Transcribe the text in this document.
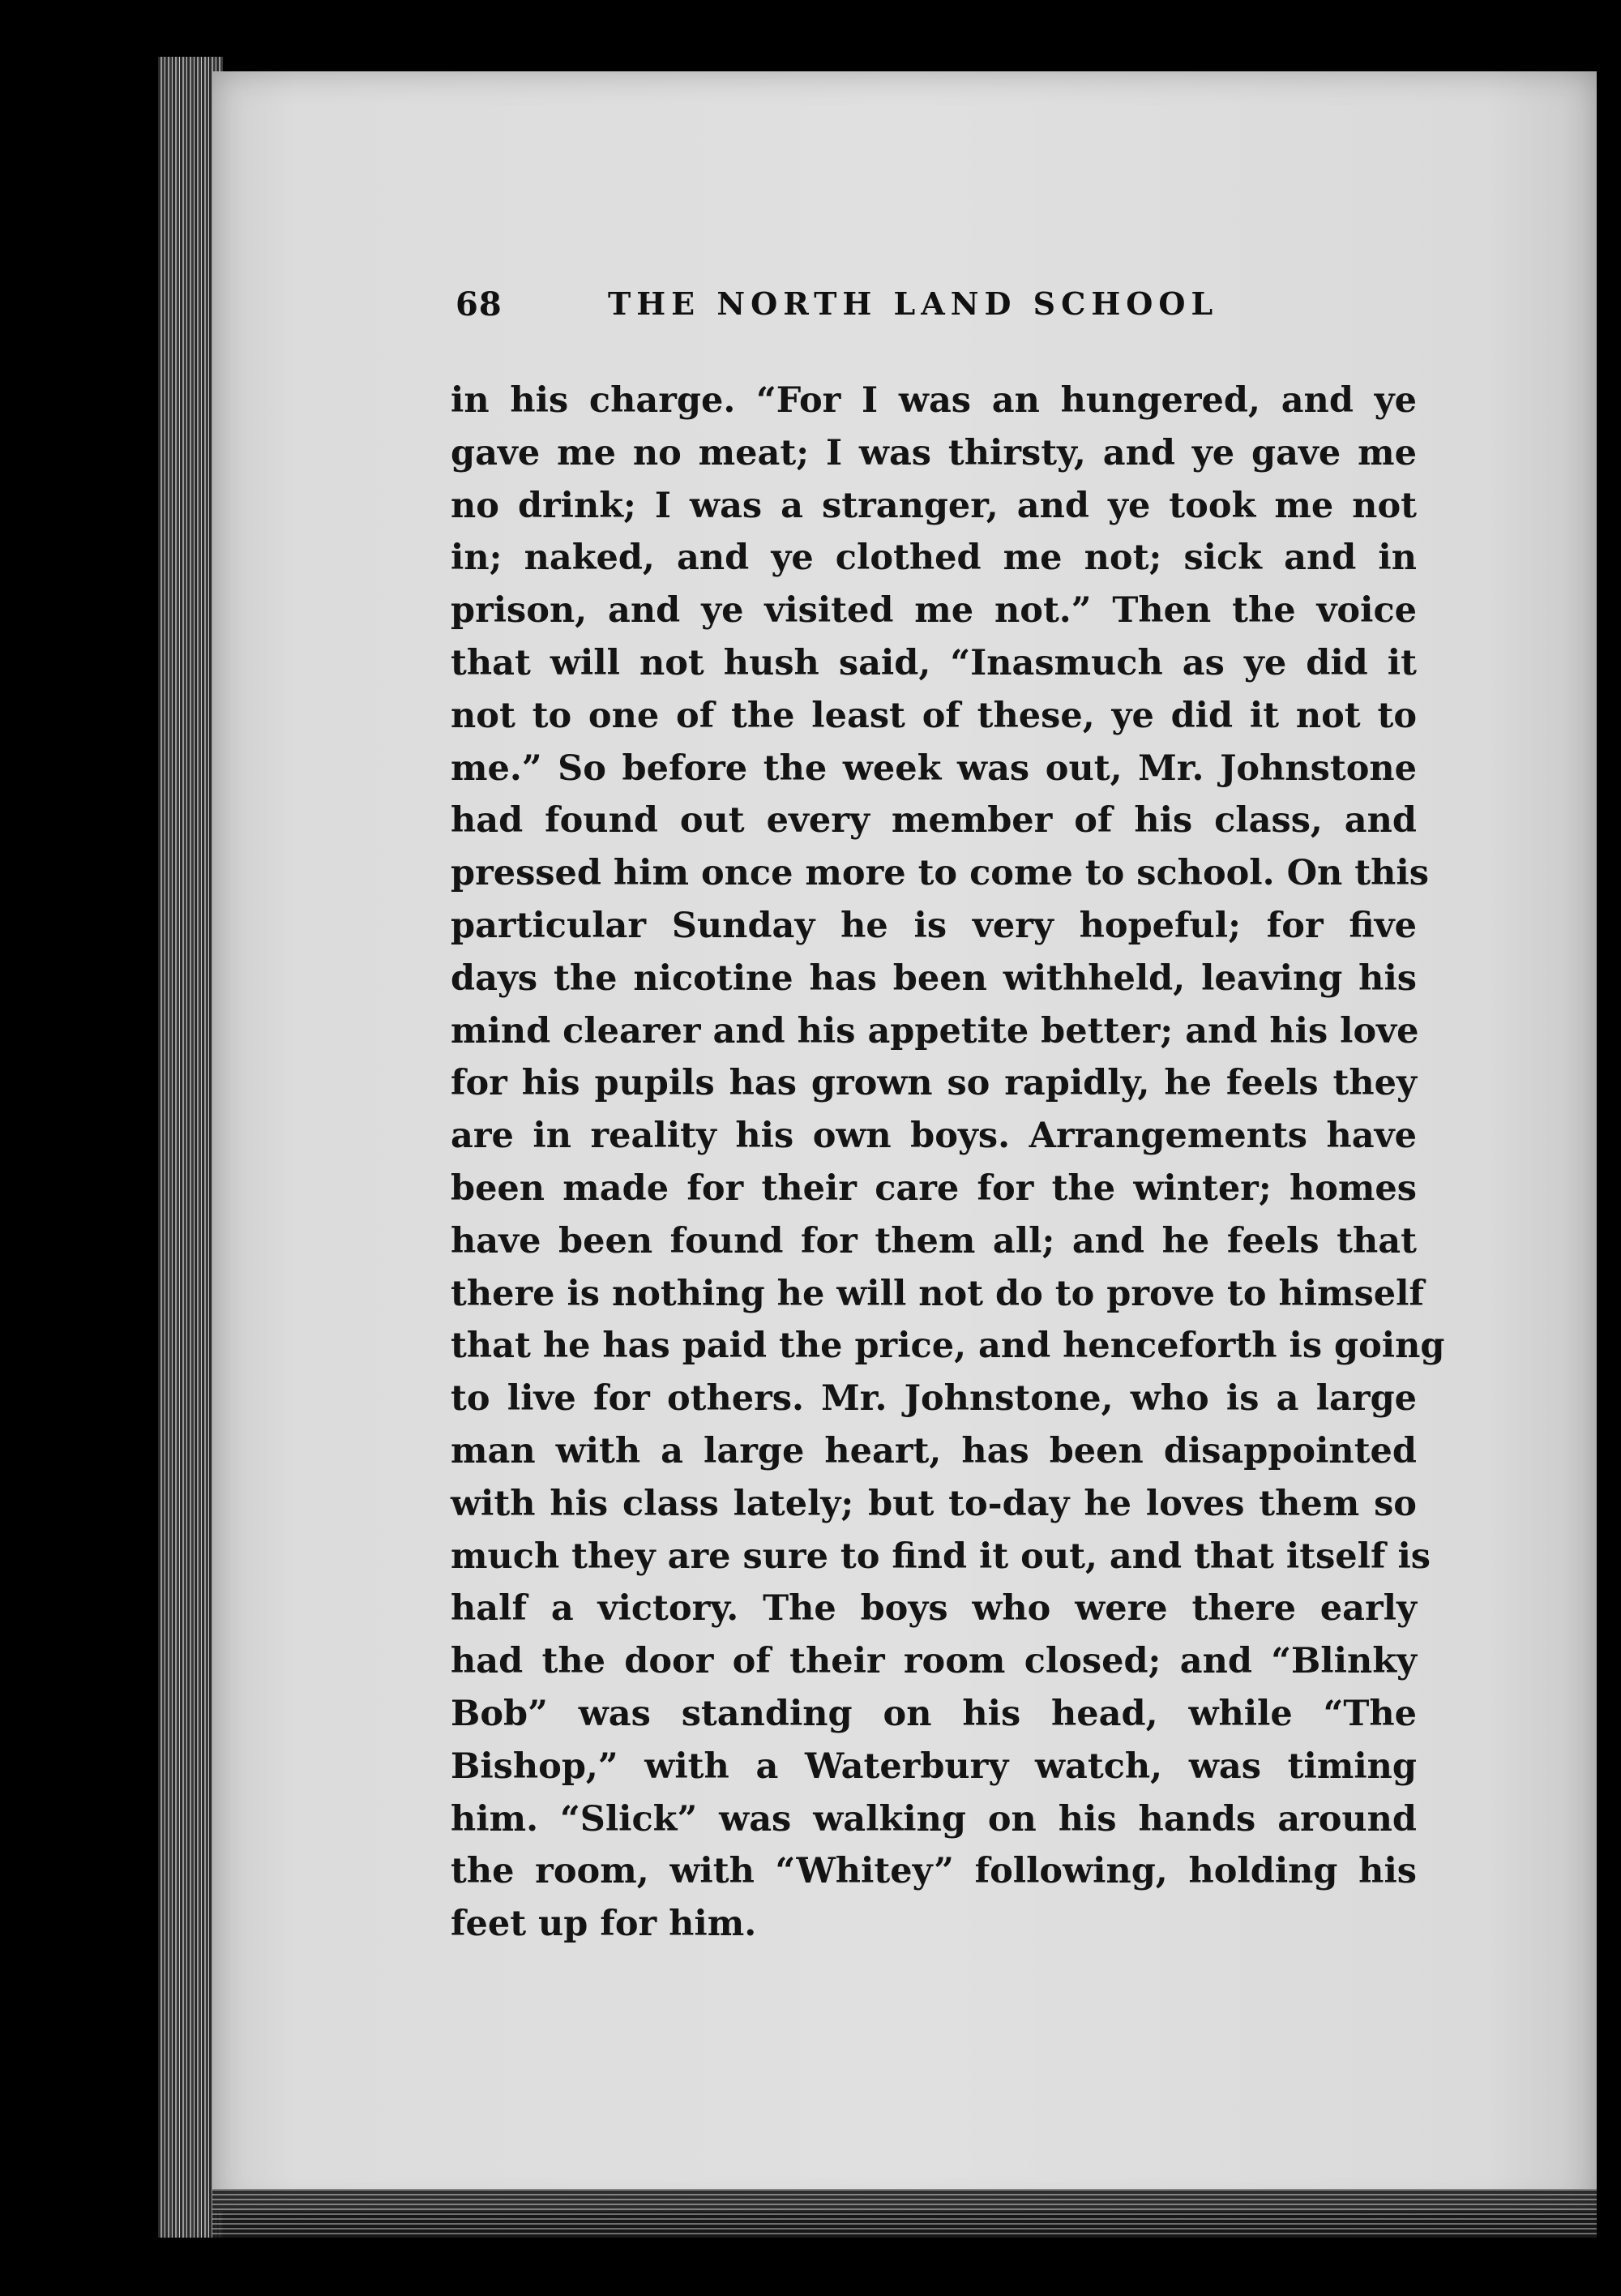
68	THE NORTH LAND SCHOOL
in his charge. “For I was an hungered, and ye
gave me no meat; I was thirsty, and ye gave me
no drink; I was a stranger, and ye took me not
in; naked, and ye clothed me not; sick and in
prison, and ye visited me not.” Then the voice
that will not hush said, “Inasmuch as ye did it
not to one of the least of these, ye did it not to
me.” So before the week was out, Mr. Johnstone
had found out every member of his class, and
pressed him once more to come to school. On this
particular Sunday he is very hopeful; for five
days the nicotine has been withheld, leaving his
mind clearer and his appetite better; and his love
for his pupils has grown so rapidly, he feels they
are in reality his own boys. Arrangements have
been made for their care for the winter; homes
have been found for them all; and he feels that
there is nothing he will not do to prove to himself
that he has paid the price, and henceforth is going
to live for others. Mr. Johnstone, who is a large
man with a large heart, has been disappointed
with his class lately; but to-day he loves them so
much they are sure to find it out, and that itself is
half a victory. The boys who were there early
had the door of their room closed; and “Blinky
Bob” was standing on his head, while “The
Bishop,” with a Waterbury watch, was timing
him. “Slick” was walking on his hands around
the room, with “Whitey” following, holding his
feet up for him.
